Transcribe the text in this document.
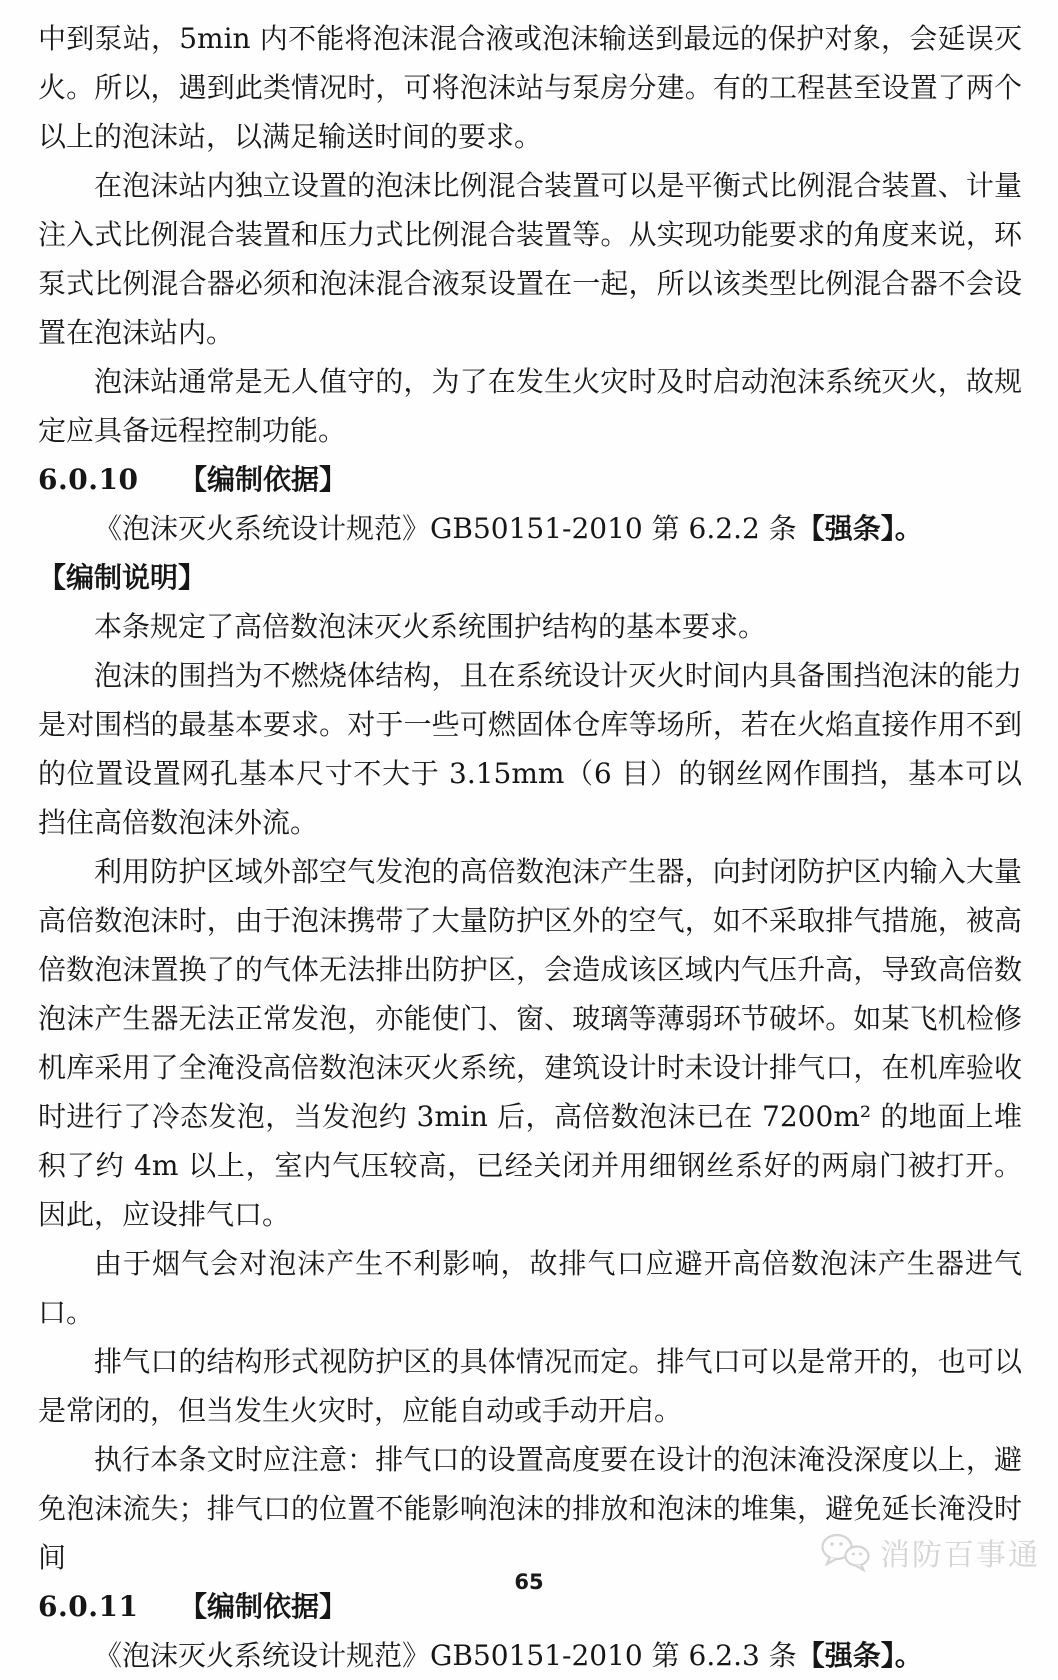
中到泵站，5min 内不能将泡沫混合液或泡沫输送到最远的保护对象，会延误灭火。所以，遇到此类情况时，可将泡沫站与泵房分建。有的工程甚至设置了两个以上的泡沫站，以满足输送时间的要求。

在泡沫站内独立设置的泡沫比例混合装置可以是平衡式比例混合装置、计量注入式比例混合装置和压力式比例混合装置等。从实现功能要求的角度来说，环泵式比例混合器必须和泡沫混合液泵设置在一起，所以该类型比例混合器不会设置在泡沫站内。

泡沫站通常是无人值守的，为了在发生火灾时及时启动泡沫系统灭火，故规定应具备远程控制功能。

6.0.10 【编制依据】

《泡沫灭火系统设计规范》GB50151-2010 第 6.2.2 条【强条】。

【编制说明】

本条规定了高倍数泡沫灭火系统围护结构的基本要求。

泡沫的围挡为不燃烧体结构，且在系统设计灭火时间内具备围挡泡沫的能力是对围档的最基本要求。对于一些可燃固体仓库等场所，若在火焰直接作用不到的位置设置网孔基本尺寸不大于 3.15mm（6 目）的钢丝网作围挡，基本可以挡住高倍数泡沫外流。

利用防护区域外部空气发泡的高倍数泡沫产生器，向封闭防护区内输入大量高倍数泡沫时，由于泡沫携带了大量防护区外的空气，如不采取排气措施，被高倍数泡沫置换了的气体无法排出防护区，会造成该区域内气压升高，导致高倍数泡沫产生器无法正常发泡，亦能使门、窗、玻璃等薄弱环节破坏。如某飞机检修机库采用了全淹没高倍数泡沫灭火系统，建筑设计时未设计排气口，在机库验收时进行了冷态发泡，当发泡约 3min 后，高倍数泡沫已在 7200m² 的地面上堆积了约 4m 以上，室内气压较高，已经关闭并用细钢丝系好的两扇门被打开。因此，应设排气口。

由于烟气会对泡沫产生不利影响，故排气口应避开高倍数泡沫产生器进气口。

排气口的结构形式视防护区的具体情况而定。排气口可以是常开的，也可以是常闭的，但当发生火灾时，应能自动或手动开启。

执行本条文时应注意：排气口的设置高度要在设计的泡沫淹没深度以上，避免泡沫流失；排气口的位置不能影响泡沫的排放和泡沫的堆集，避免延长淹没时间

6.0.11 【编制依据】

《泡沫灭火系统设计规范》GB50151-2010 第 6.2.3 条【强条】。

消防百事通
65
